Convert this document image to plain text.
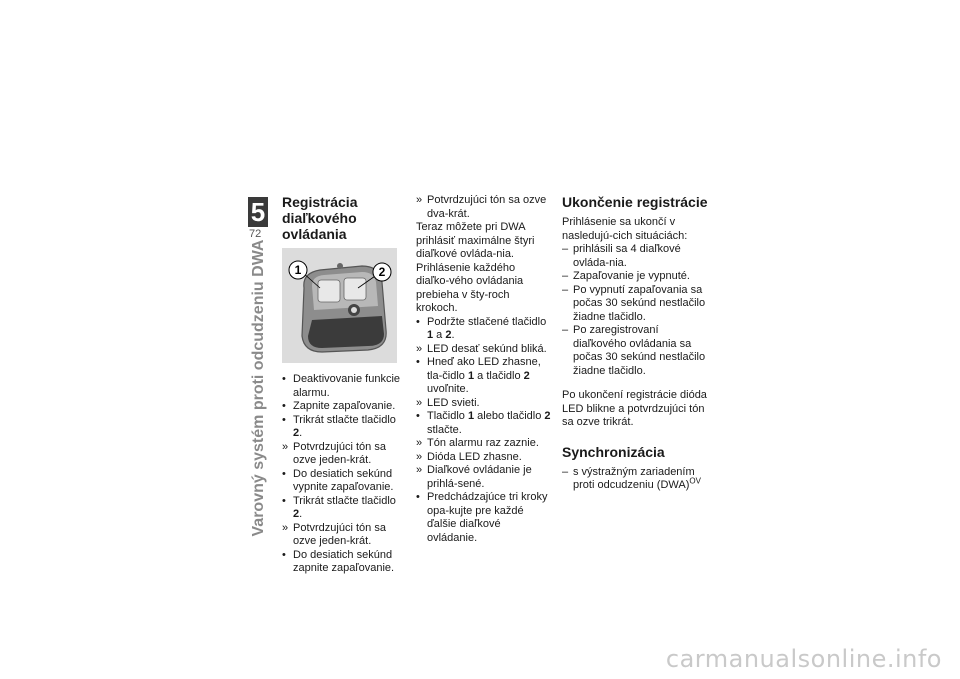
5
72
Varovný systém proti odcudzeniu DWA
Registrácia diaľkového ovládania
1	2
• Deaktivovanie funkcie alarmu.
• Zapnite zapaľovanie.
• Trikrát stlačte tlačidlo 2.
» Potvrdzujúci tón sa ozve jeden-krát.
• Do desiatich sekúnd vypnite zapaľovanie.
• Trikrát stlačte tlačidlo 2.
» Potvrdzujúci tón sa ozve jeden-krát.
• Do desiatich sekúnd zapnite zapaľovanie.
» Potvrdzujúci tón sa ozve dva-krát.

Teraz môžete pri DWA prihlásiť maximálne štyri diaľkové ovláda-nia. Prihlásenie každého diaľko-vého ovládania prebieha v šty-roch krokoch.

• Podržte stlačené tlačidlo 1 a 2.
» LED desať sekúnd bliká.
• Hneď ako LED zhasne, tla-čidlo 1 a tlačidlo 2 uvoľnite.
» LED svieti.
• Tlačidlo 1 alebo tlačidlo 2 stlačte.
» Tón alarmu raz zaznie.
» Dióda LED zhasne.
» Diaľkové ovládanie je prihlá-sené.
• Predchádzajúce tri kroky opa-kujte pre každé ďalšie diaľkové ovládanie.
Ukončenie registrácie

Prihlásenie sa ukončí v nasledujú-cich situáciách:

– prihlásili sa 4 diaľkové ovláda-nia.
– Zapaľovanie je vypnuté.
– Po vypnutí zapaľovania sa počas 30 sekúnd nestlačilo žiadne tlačidlo.
– Po zaregistrovaní diaľkového ovládania sa počas 30 sekúnd nestlačilo žiadne tlačidlo.

Po ukončení registrácie dióda LED blikne a potvrdzujúci tón sa ozve trikrát.

Synchronizácia
– s výstražným zariadením proti odcudzeniu (DWA)$^{OV}$
carmanualsonline.info
